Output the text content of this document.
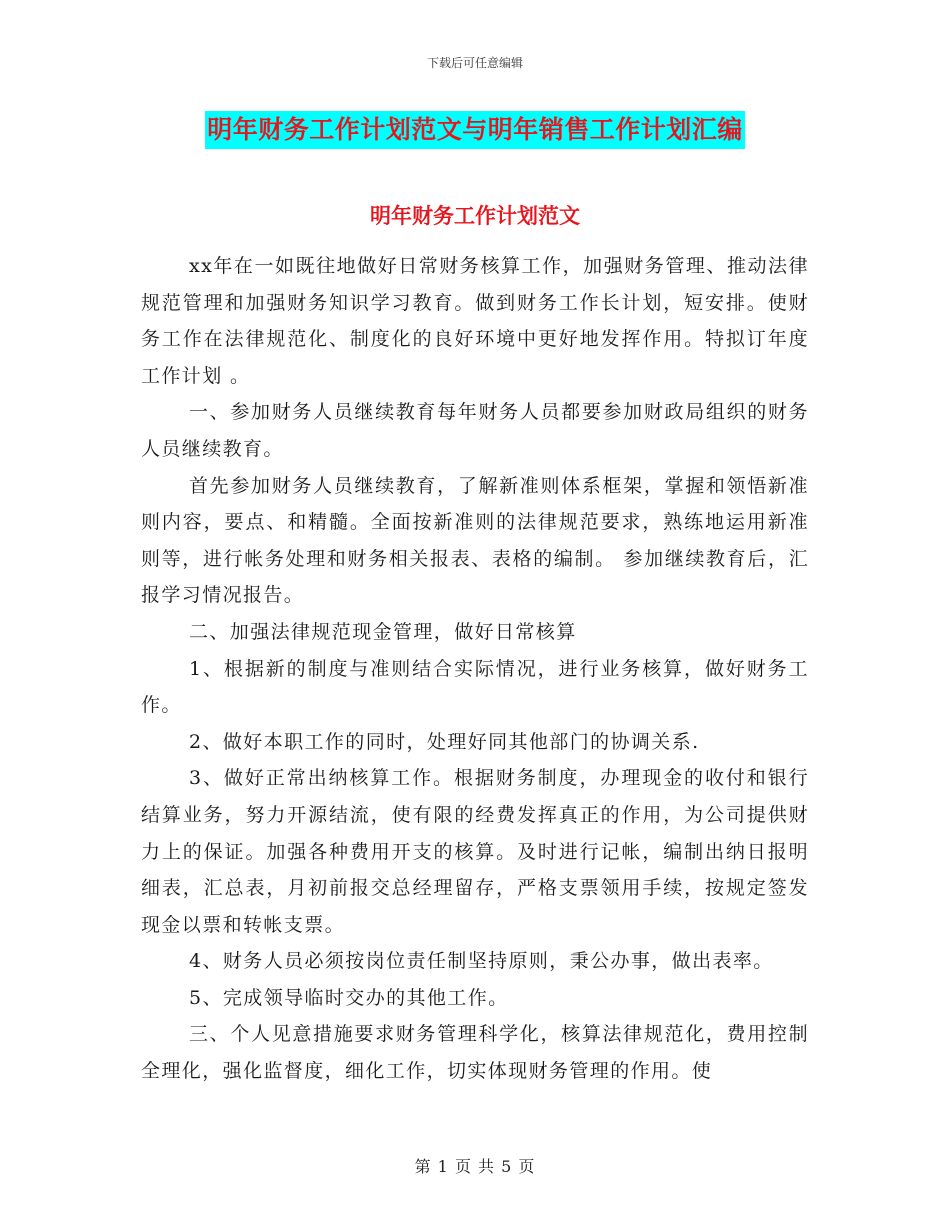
下载后可任意编辑
明年财务工作计划范文与明年销售工作计划汇编
明年财务工作计划范文

xx年在一如既往地做好日常财务核算工作，加强财务管理、推动法律规范管理和加强财务知识学习教育。做到财务工作长计划，短安排。使财务工作在法律规范化、制度化的良好环境中更好地发挥作用。特拟订年度工作计划 。

一、参加财务人员继续教育每年财务人员都要参加财政局组织的财务人员继续教育。

首先参加财务人员继续教育，了解新准则体系框架，掌握和领悟新准则内容，要点、和精髓。全面按新准则的法律规范要求，熟练地运用新准则等，进行帐务处理和财务相关报表、表格的编制。 参加继续教育后，汇报学习情况报告。

二、加强法律规范现金管理，做好日常核算

1、根据新的制度与准则结合实际情况，进行业务核算，做好财务工作。

2、做好本职工作的同时，处理好同其他部门的协调关系.

3、做好正常出纳核算工作。根据财务制度，办理现金的收付和银行结算业务，努力开源结流，使有限的经费发挥真正的作用，为公司提供财力上的保证。加强各种费用开支的核算。及时进行记帐，编制出纳日报明细表，汇总表，月初前报交总经理留存，严格支票领用手续，按规定签发现金以票和转帐支票。

4、财务人员必须按岗位责任制坚持原则，秉公办事，做出表率。

5、完成领导临时交办的其他工作。

三、个人见意措施要求财务管理科学化，核算法律规范化，费用控制全理化，强化监督度，细化工作，切实体现财务管理的作用。使

第 1 页 共 5 页
